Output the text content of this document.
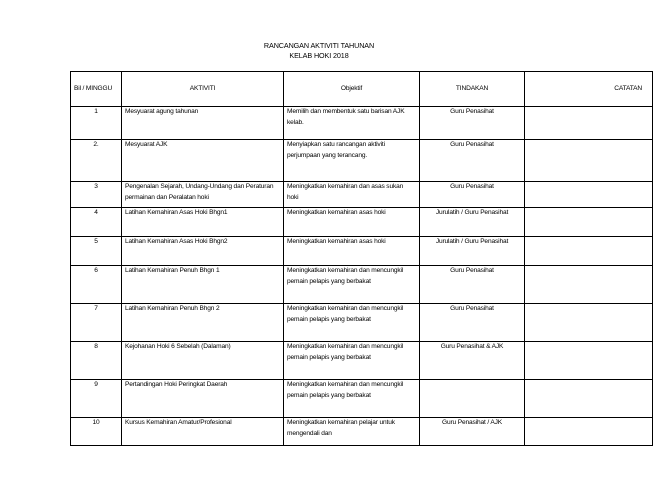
RANCANGAN AKTIVITI TAHUNAN
KELAB HOKI 2018
Bil / MINGGU	AKTIVITI	Objektif	TINDAKAN	CATATAN
1	Mesyuarat agung tahunan	Memilih dan membentuk satu barisan AJK kelab.	Guru Penasihat	
2.	Mesyuarat AJK	Menyiapkan satu rancangan aktiviti perjumpaan yang terancang.	Guru Penasihat	
3	Pengenalan Sejarah, Undang-Undang dan Peraturan permainan dan Peralatan hoki	Meningkatkan kemahiran dan asas sukan hoki	Guru Penasihat	
4	Latihan Kemahiran Asas Hoki Bhgn1	Meningkatkan kemahiran asas hoki	Jurulatih / Guru Penasihat	
5	Latihan Kemahiran Asas Hoki Bhgn2	Meningkatkan kemahiran asas hoki	Jurulatih / Guru Penasihat	
6	Latihan Kemahiran Penuh Bhgn 1	Meningkatkan kemahiran dan mencungkil pemain pelapis yang berbakat	Guru Penasihat	
7	Latihan Kemahiran Penuh Bhgn 2	Meningkatkan kemahiran dan mencungkil pemain pelapis yang berbakat	Guru Penasihat	
8	Kejohanan Hoki 6 Sebelah (Dalaman)	Meningkatkan kemahiran dan mencungkil pemain pelapis yang berbakat	Guru Penasihat & AJK	
9	Pertandingan Hoki Peringkat Daerah	Meningkatkan kemahiran dan mencungkil pemain pelapis yang berbakat		
10	Kursus Kemahiran Amatur/Profesional	Meningkatkan kemahiran pelajar untuk mengendali dan	Guru Penasihat / AJK	
